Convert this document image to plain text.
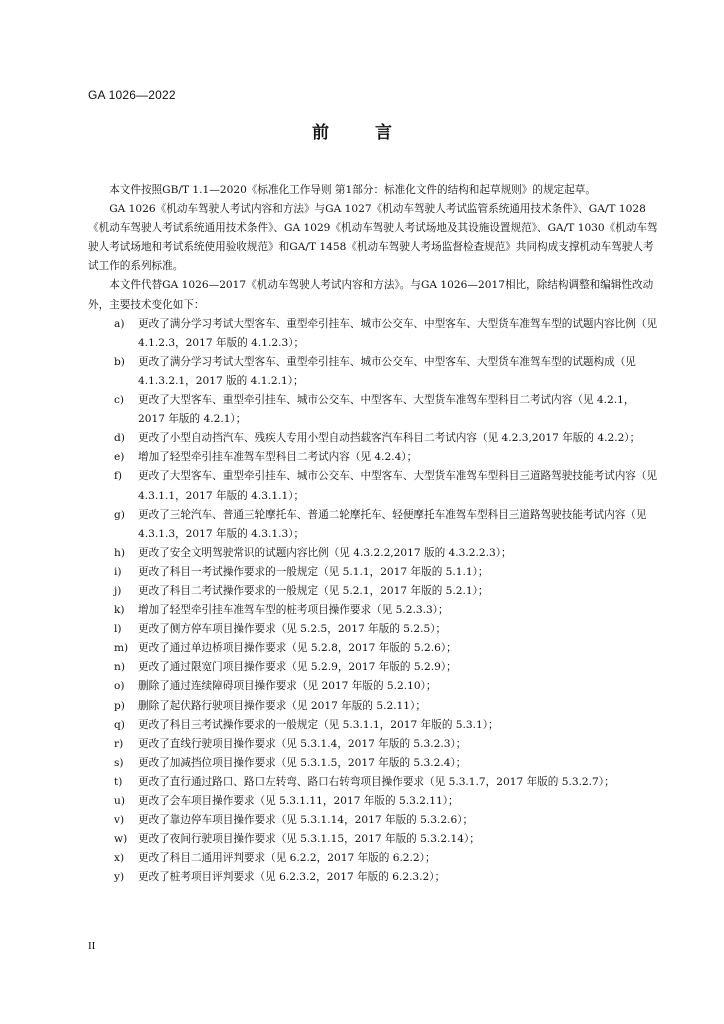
GA 1026—2022
前 言

本文件按照GB/T 1.1—2020《标准化工作导则 第1部分：标准化文件的结构和起草规则》的规定起草。

GA 1026《机动车驾驶人考试内容和方法》与GA 1027《机动车驾驶人考试监管系统通用技术条件》、GA/T 1028《机动车驾驶人考试系统通用技术条件》、GA 1029《机动车驾驶人考试场地及其设施设置规范》、GA/T 1030《机动车驾驶人考试场地和考试系统使用验收规范》和GA/T 1458《机动车驾驶人考场监督检查规范》共同构成支撑机动车驾驶人考试工作的系列标准。

本文件代替GA 1026—2017《机动车驾驶人考试内容和方法》。与GA 1026—2017相比，除结构调整和编辑性改动外，主要技术变化如下：

a)	更改了满分学习考试大型客车、重型牵引挂车、城市公交车、中型客车、大型货车准驾车型的试题内容比例（见 4.1.2.3，2017 年版的 4.1.2.3）；
b)	更改了满分学习考试大型客车、重型牵引挂车、城市公交车、中型客车、大型货车准驾车型的试题构成（见 4.1.3.2.1，2017 版的 4.1.2.1）；
c)	更改了大型客车、重型牵引挂车、城市公交车、中型客车、大型货车准驾车型科目二考试内容（见 4.2.1，2017 年版的 4.2.1）；
d)	更改了小型自动挡汽车、残疾人专用小型自动挡载客汽车科目二考试内容（见 4.2.3,2017 年版的 4.2.2）；
e)	增加了轻型牵引挂车准驾车型科目二考试内容（见 4.2.4）；
f)	更改了大型客车、重型牵引挂车、城市公交车、中型客车、大型货车准驾车型科目三道路驾驶技能考试内容（见 4.3.1.1，2017 年版的 4.3.1.1）；
g)	更改了三轮汽车、普通三轮摩托车、普通二轮摩托车、轻便摩托车准驾车型科目三道路驾驶技能考试内容（见 4.3.1.3，2017 年版的 4.3.1.3）；
h)	更改了安全文明驾驶常识的试题内容比例（见 4.3.2.2,2017 版的 4.3.2.2.3）；
i)	更改了科目一考试操作要求的一般规定（见 5.1.1，2017 年版的 5.1.1）；
j)	更改了科目二考试操作要求的一般规定（见 5.2.1，2017 年版的 5.2.1）；
k)	增加了轻型牵引挂车准驾车型的桩考项目操作要求（见 5.2.3.3）；
l)	更改了侧方停车项目操作要求（见 5.2.5，2017 年版的 5.2.5）；
m) 更改了通过单边桥项目操作要求（见 5.2.8，2017 年版的 5.2.6）；
n)	更改了通过限宽门项目操作要求（见 5.2.9，2017 年版的 5.2.9）；
o)	删除了通过连续障碍项目操作要求（见 2017 年版的 5.2.10）；
p)	删除了起伏路行驶项目操作要求（见 2017 年版的 5.2.11）；
q)	更改了科目三考试操作要求的一般规定（见 5.3.1.1，2017 年版的 5.3.1）；
r)	更改了直线行驶项目操作要求（见 5.3.1.4，2017 年版的 5.3.2.3）；
s)	更改了加减挡位项目操作要求（见 5.3.1.5，2017 年版的 5.3.2.4）；
t)	更改了直行通过路口、路口左转弯、路口右转弯项目操作要求（见 5.3.1.7，2017 年版的 5.3.2.7）；
u)	更改了会车项目操作要求（见 5.3.1.11，2017 年版的 5.3.2.11）；
v)	更改了靠边停车项目操作要求（见 5.3.1.14，2017 年版的 5.3.2.6）；
w)	更改了夜间行驶项目操作要求（见 5.3.1.15，2017 年版的 5.3.2.14）；
x)	更改了科目二通用评判要求（见 6.2.2，2017 年版的 6.2.2）；
y)	更改了桩考项目评判要求（见 6.2.3.2，2017 年版的 6.2.3.2）；
II
